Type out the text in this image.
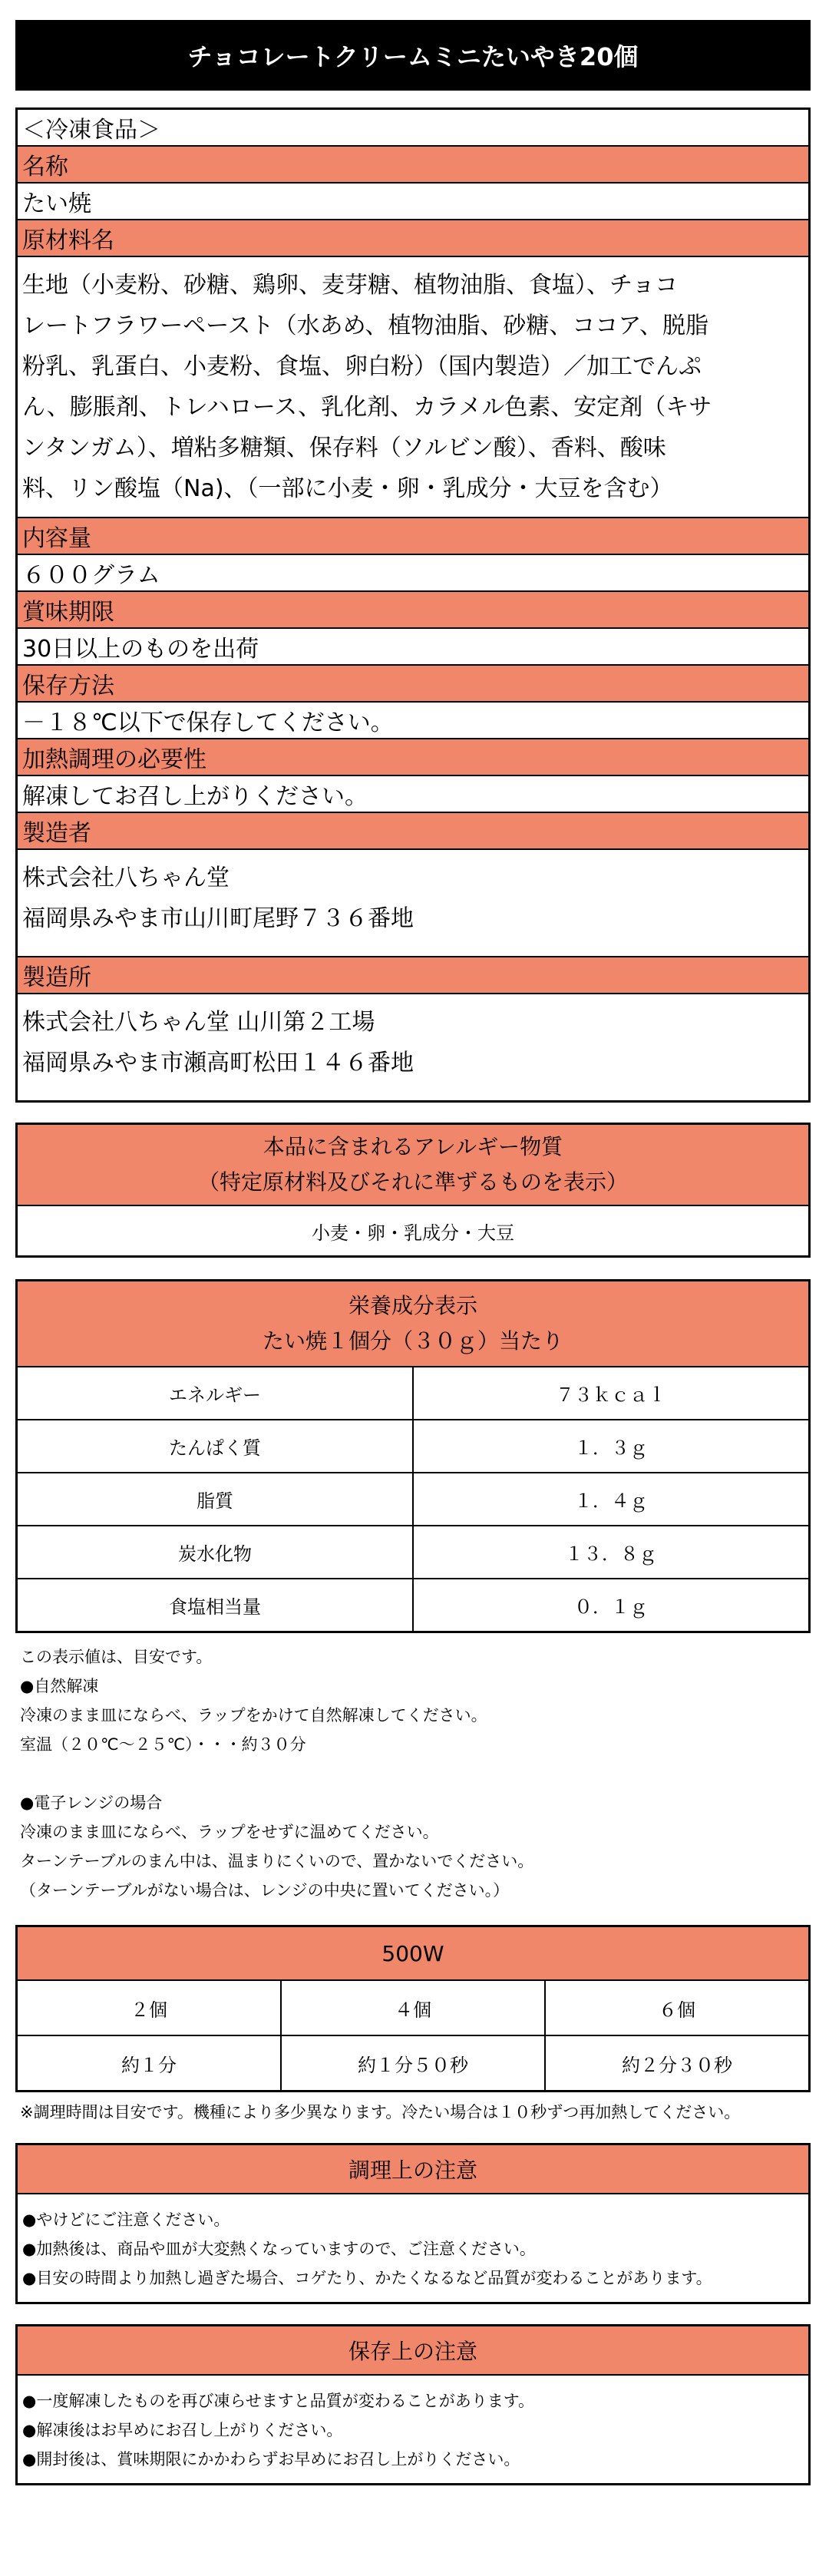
チョコレートクリームミニたいやき20個
＜冷凍食品＞
名称
たい焼
原材料名
生地（小麦粉、砂糖、鶏卵、麦芽糖、植物油脂、食塩）、チョコ
レートフラワーペースト（水あめ、植物油脂、砂糖、ココア、脱脂
粉乳、乳蛋白、小麦粉、食塩、卵白粉）（国内製造）／加工でんぷ
ん、膨脹剤、トレハロース、乳化剤、カラメル色素、安定剤（キサ
ンタンガム）、増粘多糖類、保存料（ソルビン酸）、香料、酸味
料、リン酸塩（Na)、（一部に小麦・卵・乳成分・大豆を含む）
内容量
６００グラム
賞味期限
30日以上のものを出荷
保存方法
－１８℃以下で保存してください。
加熱調理の必要性
解凍してお召し上がりください。
製造者
株式会社八ちゃん堂
福岡県みやま市山川町尾野７３６番地
製造所
株式会社八ちゃん堂 山川第２工場
福岡県みやま市瀬高町松田１４６番地
本品に含まれるアレルギー物質
（特定原材料及びそれに準ずるものを表示）
小麦・卵・乳成分・大豆
栄養成分表示
たい焼１個分（３０ｇ）当たり
エネルギー	７３ｋｃａｌ
たんぱく質	１．３ｇ
脂質	１．４ｇ
炭水化物	１３．８ｇ
食塩相当量	０．１ｇ
この表示値は、目安です。
●自然解凍
冷凍のまま皿にならべ、ラップをかけて自然解凍してください。
室温（２０℃～２５℃）・・・約３０分
●電子レンジの場合
冷凍のまま皿にならべ、ラップをせずに温めてください。
ターンテーブルのまん中は、温まりにくいので、置かないでください。
（ターンテーブルがない場合は、レンジの中央に置いてください。）
500W
２個	４個	６個
約１分	約１分５０秒	約２分３０秒
※調理時間は目安です。機種により多少異なります。冷たい場合は１０秒ずつ再加熱してください。
調理上の注意
●やけどにご注意ください。
●加熱後は、商品や皿が大変熱くなっていますので、ご注意ください。
●目安の時間より加熱し過ぎた場合、コゲたり、かたくなるなど品質が変わることがあります。
保存上の注意
●一度解凍したものを再び凍らせますと品質が変わることがあります。
●解凍後はお早めにお召し上がりください。
●開封後は、賞味期限にかかわらずお早めにお召し上がりください。
